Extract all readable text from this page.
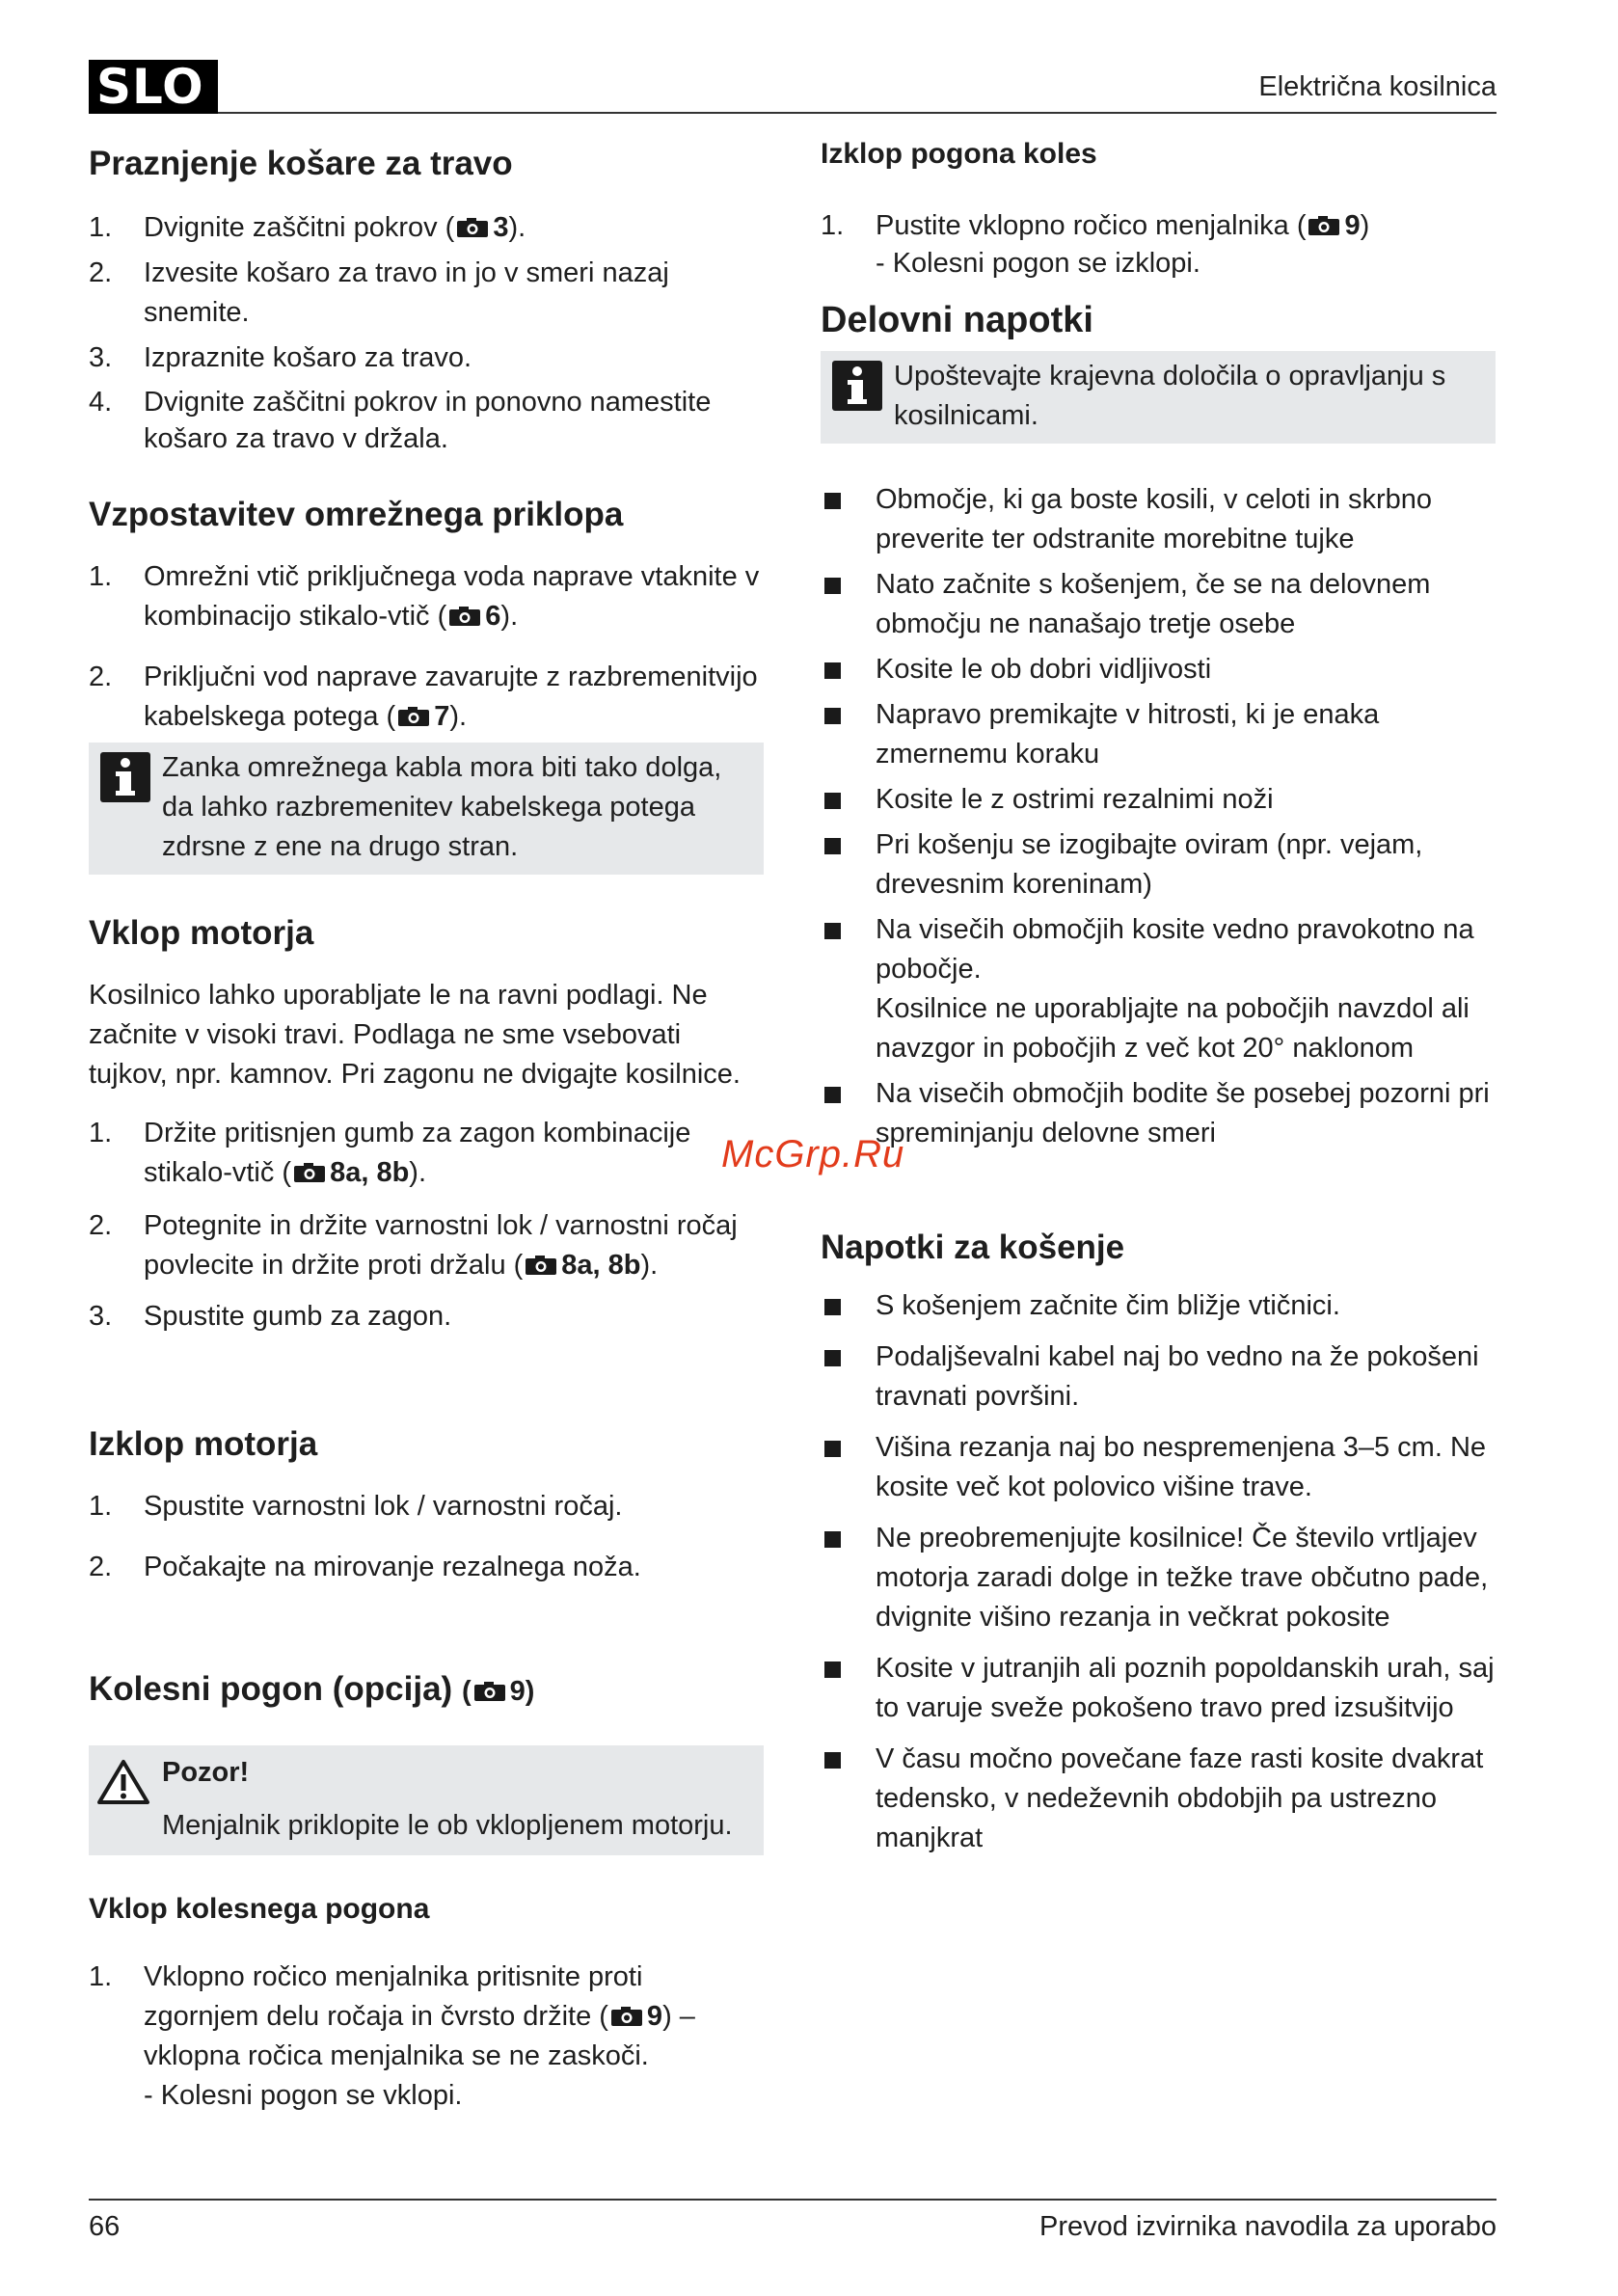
SLO	Električna kosilnica
Praznjenje košare za travo

1. Dvignite zaščitni pokrov ( 3).

2. Izvesite košaro za travo in jo v smeri nazaj snemite.

3. Izpraznite košaro za travo.

4. Dvignite zaščitni pokrov in ponovno namestite košaro za travo v držala.

Vzpostavitev omrežnega priklopa

1. Omrežni vtič priključnega voda naprave vtaknite v kombinacijo stikalo-vtič ( 6).

2. Priključni vod naprave zavarujte z razbremenitvijo kabelskega potega ( 7).

Zanka omrežnega kabla mora biti tako dolga, da lahko razbremenitev kabelskega potega zdrsne z ene na drugo stran.
Vklop motorja

Kosilnico lahko uporabljate le na ravni podlagi. Ne začnite v visoki travi. Podlaga ne sme vsebovati tujkov, npr. kamnov. Pri zagonu ne dvigajte kosilnice.

1. Držite pritisnjen gumb za zagon kombinacije stikalo-vtič ( 8a, 8b).

2. Potegnite in držite varnostni lok / varnostni ročaj povlecite in držite proti držalu ( 8a, 8b).

3. Spustite gumb za zagon.

Izklop motorja

1. Spustite varnostni lok / varnostni ročaj.

2. Počakajte na mirovanje rezalnega noža.

Kolesni pogon (opcija) ( 9)
Pozor!
Menjalnik priklopite le ob vklopljenem motorju.
Vklop kolesnega pogona

1. Vklopno ročico menjalnika pritisnite proti zgornjem delu ročaja in čvrsto držite ( 9) – vklopna ročica menjalnika se ne zaskoči.

- Kolesni pogon se vklopi.

Izklop pogona koles

1. Pustite vklopno ročico menjalnika ( 9)

- Kolesni pogon se izklopi.

Delovni napotki
Upoštevajte krajevna določila o opravljanju s kosilnicami.

Območje, ki ga boste kosili, v celoti in skrbno preverite ter odstranite morebitne tujke

Nato začnite s košenjem, če se na delovnem območju ne nanašajo tretje osebe

Kosite le ob dobri vidljivosti

Napravo premikajte v hitrosti, ki je enaka zmernemu koraku

Kosite le z ostrimi rezalnimi noži

Pri košenju se izogibajte oviram (npr. vejam, drevesnim koreninam)

Na visečih območjih kosite vedno pravokotno na pobočje.
Kosilnice ne uporabljajte na pobočjih navzdol ali navzgor in pobočjih z več kot 20° naklonom

Na visečih območjih bodite še posebej pozorni pri spreminjanju delovne smeri

Napotki za košenje

S košenjem začnite čim bližje vtičnici.

Podaljševalni kabel naj bo vedno na že pokošeni travnati površini.

Višina rezanja naj bo nespremenjena 3–5 cm. Ne kosite več kot polovico višine trave.

Ne preobremenjujte kosilnice! Če število vrtljajev motorja zaradi dolge in težke trave občutno pade, dvignite višino rezanja in večkrat pokosite

Kosite v jutranjih ali poznih popoldanskih urah, saj to varuje sveže pokošeno travo pred izsušitvijo

V času močno povečane faze rasti kosite dvakrat tedensko, v nedeževnih obdobjih pa ustrezno manjkrat

McGrp.Ru
66	Prevod izvirnika navodila za uporabo
